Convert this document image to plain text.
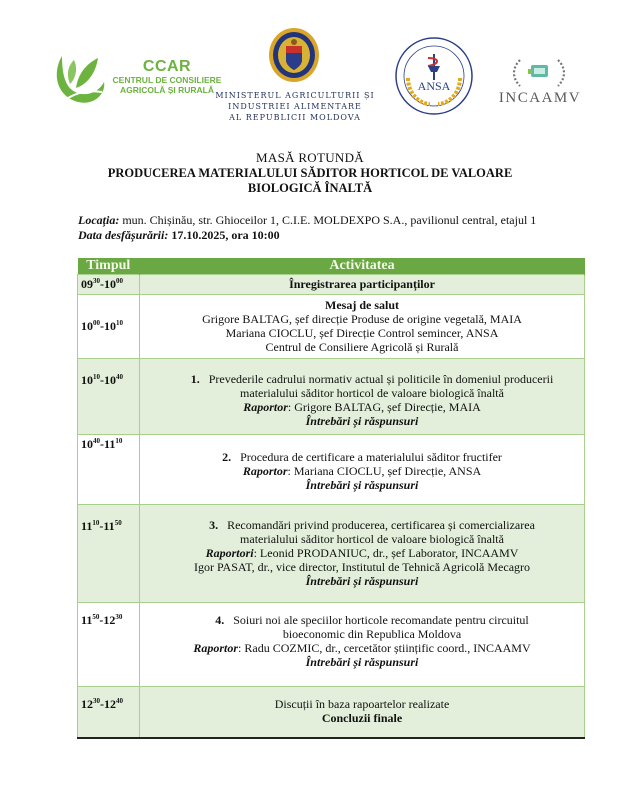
CCAR
CENTRUL DE CONSILIERE
AGRICOLĂ ȘI RURALĂ
MINISTERUL AGRICULTURII ȘI
INDUSTRIEI ALIMENTARE
AL REPUBLICII MOLDOVA
ANSA
INCAAMV
MASĂ ROTUNDĂ
PRODUCEREA MATERIALULUI SĂDITOR HORTICOL DE VALOARE
BIOLOGICĂ ÎNALTĂ
Locația: mun. Chișinău, str. Ghioceilor 1, C.I.E. MOLDEXPO S.A., pavilionul central, etajul 1
Data desfășurării: 17.10.2025, ora 10:00
Timpul	Activitatea
$09^{30}-10^{00}$	Înregistrarea participanților
$10^{00}-10^{10}$	Mesaj de salut
Grigore BALTAG, șef direcție Produse de origine vegetală, MAIA
Mariana CIOCLU, șef Direcție Control semincer, ANSA
Centrul de Consiliere Agricolă și Rurală

$10^{10}-10^{40}$	1. Prevederile cadrului normativ actual și politicile în domeniul producerii
materialului săditor horticol de valoare biologică înaltă
Raportor: Grigore BALTAG, șef Direcție, MAIA
Întrebări și răspunsuri

$10^{40}-11^{10}$	2. Procedura de certificare a materialului săditor fructifer
Raportor: Mariana CIOCLU, șef Direcție, ANSA
Întrebări și răspunsuri

$11^{10}-11^{50}$	3. Recomandări privind producerea, certificarea și comercializarea
materialului săditor horticol de valoare biologică înaltă
Raportori: Leonid PRODANIUC, dr., șef Laborator, INCAAMV
Igor PASAT, dr., vice director, Institutul de Tehnică Agricolă Mecagro
Întrebări și răspunsuri

$11^{50}-12^{30}$	4. Soiuri noi ale speciilor horticole recomandate pentru circuitul
bioeconomic din Republica Moldova
Raportor: Radu COZMIC, dr., cercetător științific coord., INCAAMV
Întrebări și răspunsuri

$12^{30}-12^{40}$	Discuții în baza rapoartelor realizate
Concluzii finale
